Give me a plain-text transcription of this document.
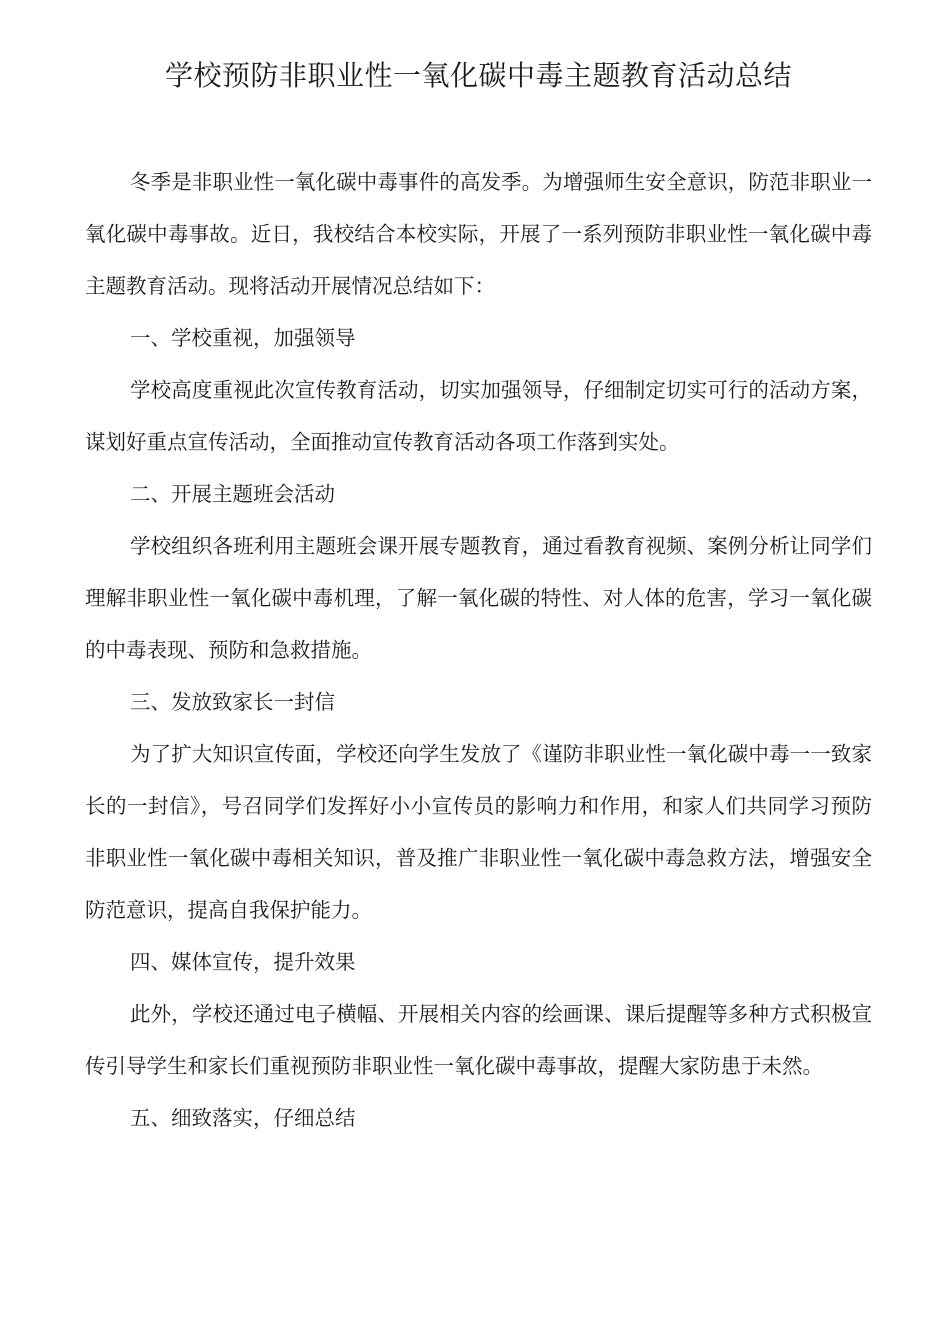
学校预防非职业性一氧化碳中毒主题教育活动总结

冬季是非职业性一氧化碳中毒事件的高发季。为增强师生安全意识，防范非职业一氧化碳中毒事故。近日，我校结合本校实际，开展了一系列预防非职业性一氧化碳中毒主题教育活动。现将活动开展情况总结如下：

一、学校重视，加强领导

学校高度重视此次宣传教育活动，切实加强领导，仔细制定切实可行的活动方案，谋划好重点宣传活动，全面推动宣传教育活动各项工作落到实处。

二、开展主题班会活动

学校组织各班利用主题班会课开展专题教育，通过看教育视频、案例分析让同学们理解非职业性一氧化碳中毒机理，了解一氧化碳的特性、对人体的危害，学习一氧化碳的中毒表现、预防和急救措施。

三、发放致家长一封信

为了扩大知识宣传面，学校还向学生发放了《谨防非职业性一氧化碳中毒一一致家长的一封信》，号召同学们发挥好小小宣传员的影响力和作用，和家人们共同学习预防非职业性一氧化碳中毒相关知识，普及推广非职业性一氧化碳中毒急救方法，增强安全防范意识，提高自我保护能力。

四、媒体宣传，提升效果

此外，学校还通过电子横幅、开展相关内容的绘画课、课后提醒等多种方式积极宣传引导学生和家长们重视预防非职业性一氧化碳中毒事故，提醒大家防患于未然。

五、细致落实，仔细总结
